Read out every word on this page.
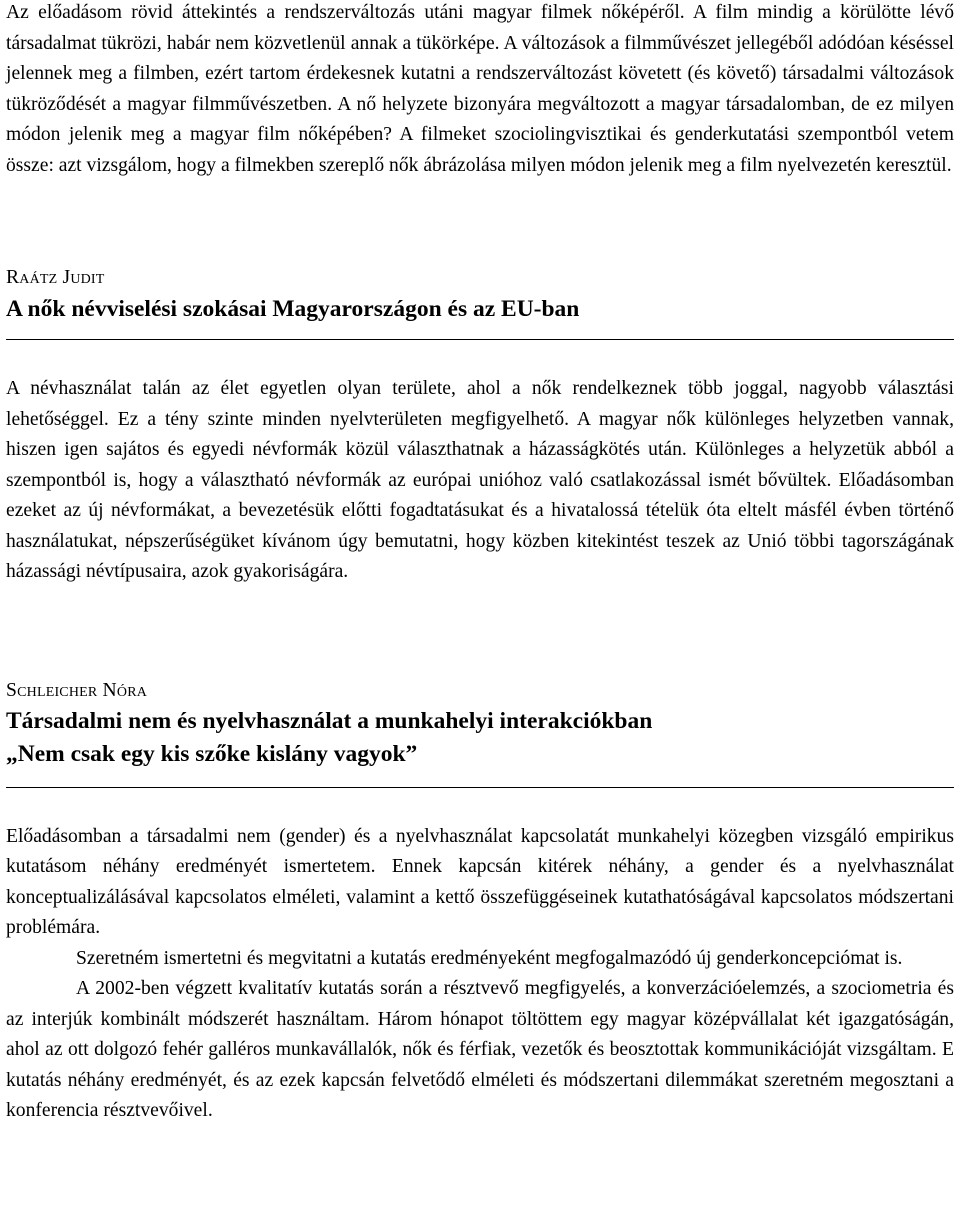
Az előadásom rövid áttekintés a rendszerváltozás utáni magyar filmek nőképéről. A film mindig a körülötte lévő társadalmat tükrözi, habár nem közvetlenül annak a tükörképe. A változások a filmművészet jellegéből adódóan késéssel jelennek meg a filmben, ezért tartom érdekesnek kutatni a rendszerváltozást követett (és követő) társadalmi változások tükröződését a magyar filmművészetben. A nő helyzete bizonyára megváltozott a magyar társadalomban, de ez milyen módon jelenik meg a magyar film nőképében? A filmeket szociolingvisztikai és genderkutatási szempontból vetem össze: azt vizsgálom, hogy a filmekben szereplő nők ábrázolása milyen módon jelenik meg a film nyelvezetén keresztül.

Raátz Judit
A nők névviselési szokásai Magyarországon és az EU-ban

A névhasználat talán az élet egyetlen olyan területe, ahol a nők rendelkeznek több joggal, nagyobb választási lehetőséggel. Ez a tény szinte minden nyelvterületen megfigyelhető. A magyar nők különleges helyzetben vannak, hiszen igen sajátos és egyedi névformák közül választhatnak a házasságkötés után. Különleges a helyzetük abból a szempontból is, hogy a választható névformák az európai unióhoz való csatlakozással ismét bővültek. Előadásomban ezeket az új névformákat, a bevezetésük előtti fogadtatásukat és a hivatalossá tételük óta eltelt másfél évben történő használatukat, népszerűségüket kívánom úgy bemutatni, hogy közben kitekintést teszek az Unió többi tagországának házassági névtípusaira, azok gyakoriságára.

Schleicher Nóra
Társadalmi nem és nyelvhasználat a munkahelyi interakciókban
„Nem csak egy kis szőke kislány vagyok”

Előadásomban a társadalmi nem (gender) és a nyelvhasználat kapcsolatát munkahelyi közegben vizsgáló empirikus kutatásom néhány eredményét ismertetem. Ennek kapcsán kitérek néhány, a gender és a nyelvhasználat konceptualizálásával kapcsolatos elméleti, valamint a kettő összefüggéseinek kutathatóságával kapcsolatos módszertani problémára.

Szeretném ismertetni és megvitatni a kutatás eredményeként megfogalmazódó új genderkoncepciómat is.

A 2002-ben végzett kvalitatív kutatás során a résztvevő megfigyelés, a konverzációelemzés, a szociometria és az interjúk kombinált módszerét használtam. Három hónapot töltöttem egy magyar középvállalat két igazgatóságán, ahol az ott dolgozó fehér galléros munkavállalók, nők és férfiak, vezetők és beosztottak kommunikációját vizsgáltam. E kutatás néhány eredményét, és az ezek kapcsán felvetődő elméleti és módszertani dilemmákat szeretném megosztani a konferencia résztvevőivel.
